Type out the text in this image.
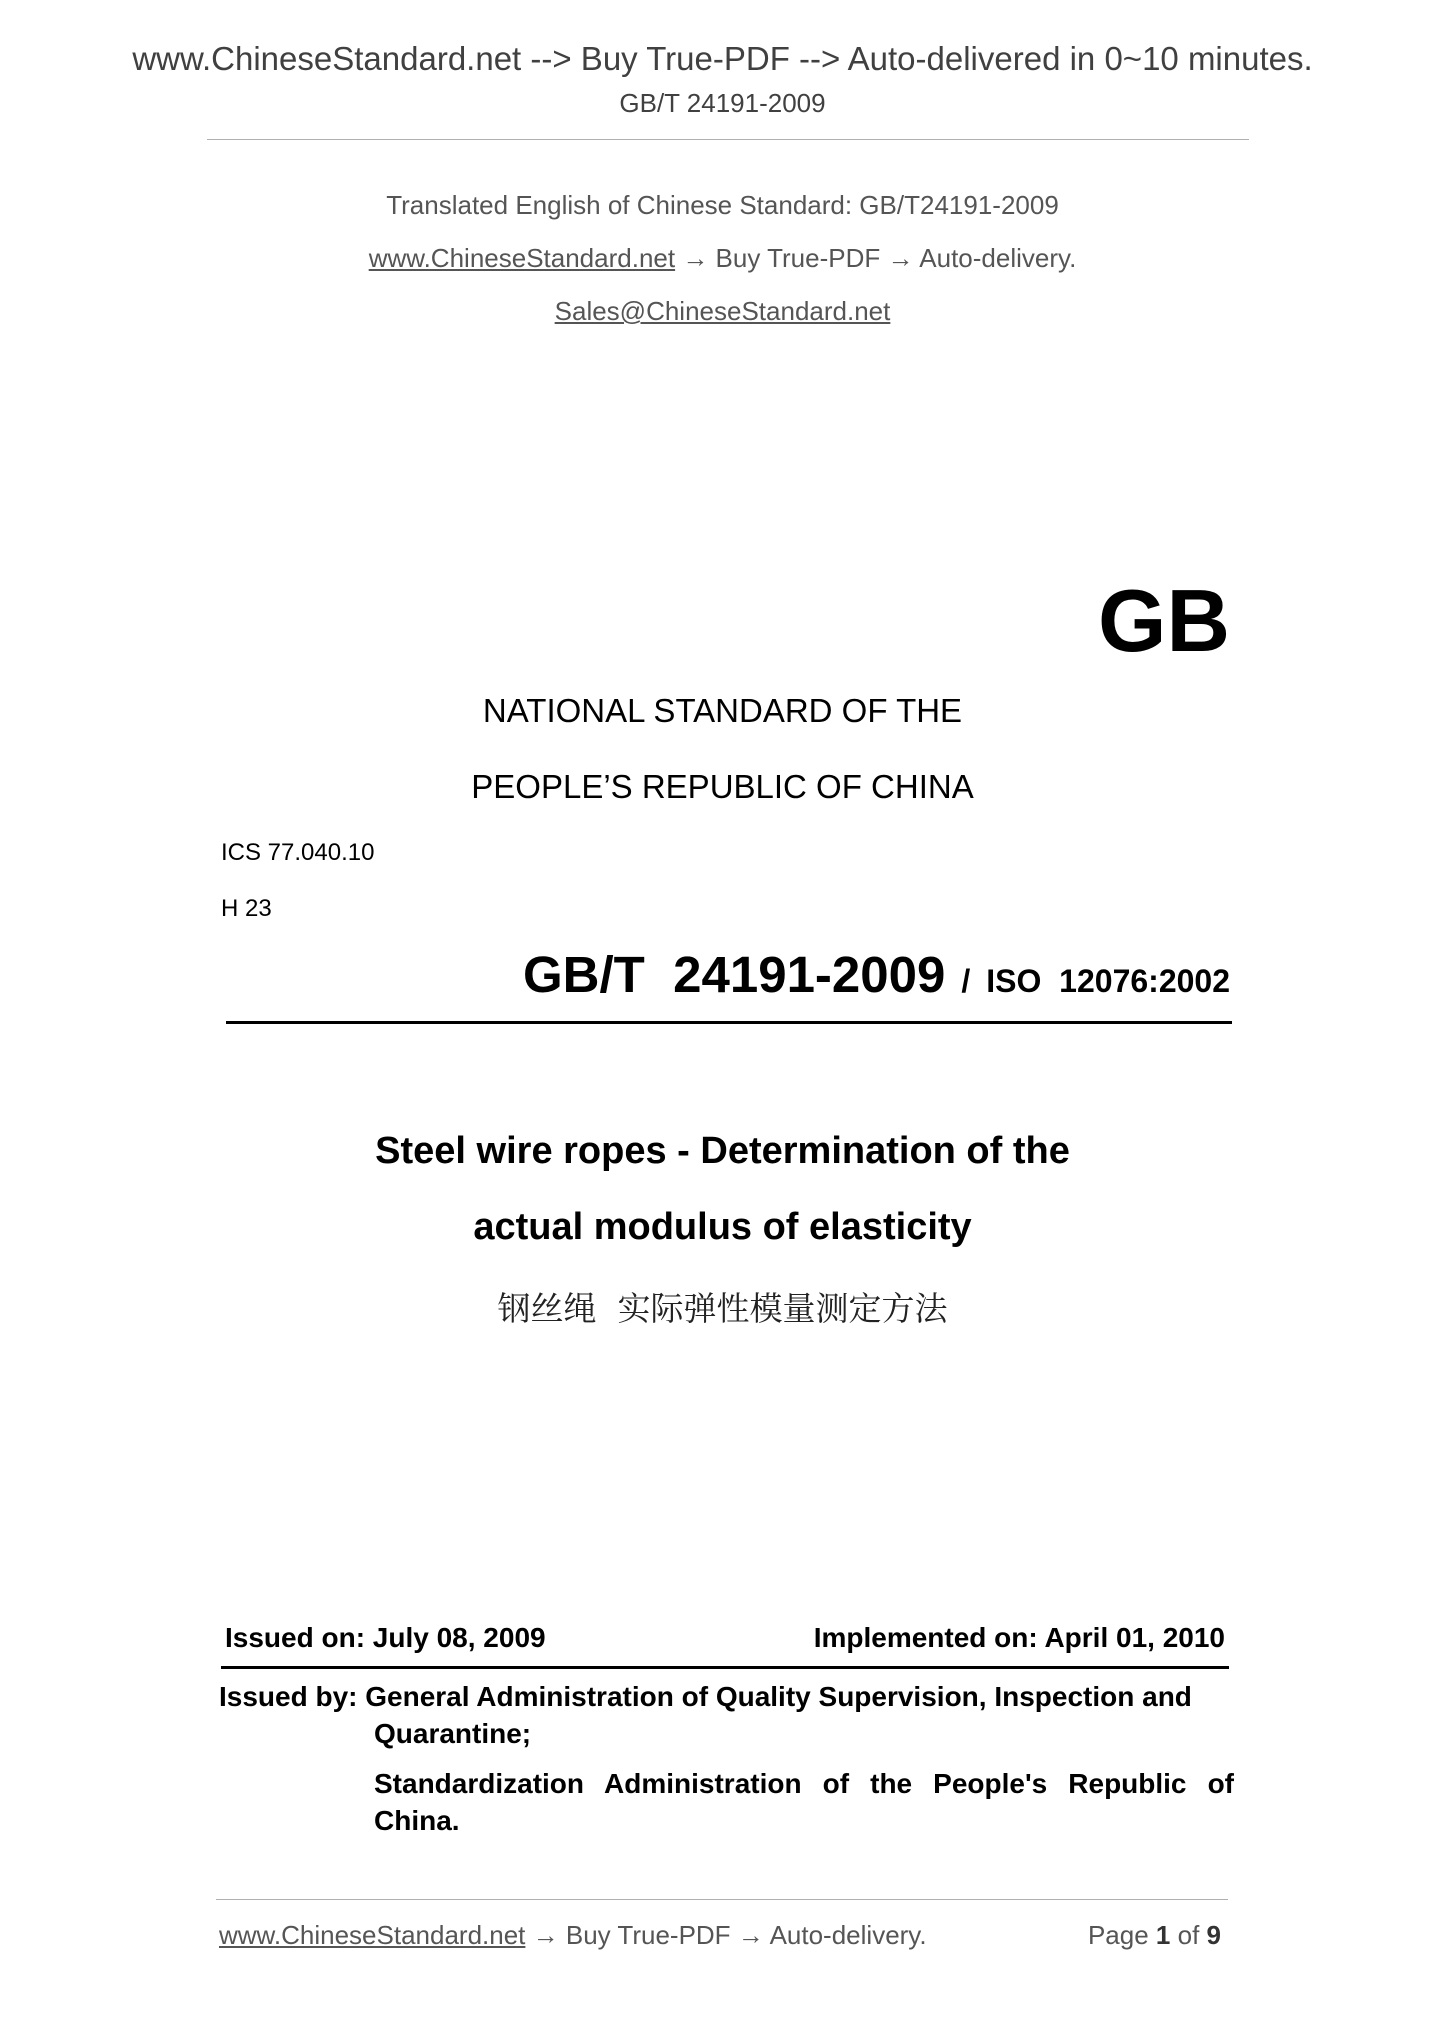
www.ChineseStandard.net --> Buy True-PDF --> Auto-delivered in 0~10 minutes.
GB/T 24191-2009
Translated English of Chinese Standard: GB/T24191-2009
www.ChineseStandard.net → Buy True-PDF → Auto-delivery.
Sales@ChineseStandard.net
GB
NATIONAL STANDARD OF THE
PEOPLE’S REPUBLIC OF CHINA
ICS 77.040.10
H 23
GB/T  24191-2009 / ISO  12076:2002
Steel wire ropes - Determination of the
actual modulus of elasticity
钢丝绳  实际弹性模量测定方法
Issued on: July 08, 2009	Implemented on: April 01, 2010
Issued by: General Administration of Quality Supervision, Inspection and Quarantine;
Standardization Administration of the People's Republic of China.
www.ChineseStandard.net → Buy True-PDF → Auto-delivery.	Page 1 of 9
